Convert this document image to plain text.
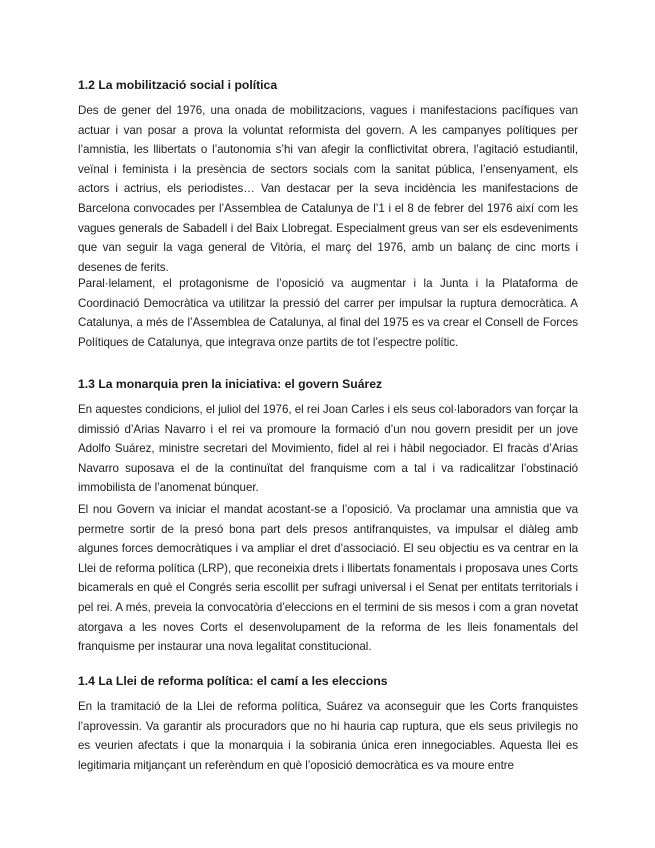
1.2 La mobilització social i política

Des de gener del 1976, una onada de mobilitzacions, vagues i manifestacions pacífiques van actuar i van posar a prova la voluntat reformista del govern. A les campanyes polítiques per l’amnistia, les llibertats o l’autonomia s’hi van afegir la conflictivitat obrera, l’agitació estudiantil, veïnal i feminista i la presència de sectors socials com la sanitat pública, l’ensenyament, els actors i actrius, els periodistes… Van destacar per la seva incidència les manifestacions de Barcelona convocades per l’Assemblea de Catalunya de l’1 i el 8 de febrer del 1976 així com les vagues generals de Sabadell i del Baix Llobregat. Especialment greus van ser els esdeveniments que van seguir la vaga general de Vitòria, el març del 1976, amb un balanç de cinc morts i desenes de ferits.

Paral·lelament, el protagonisme de l’oposició va augmentar i la Junta i la Plataforma de Coordinació Democràtica va utilitzar la pressió del carrer per impulsar la ruptura democràtica. A Catalunya, a més de l’Assemblea de Catalunya, al final del 1975 es va crear el Consell de Forces Polítiques de Catalunya, que integrava onze partits de tot l’espectre polític.

1.3 La monarquia pren la iniciativa: el govern Suárez

En aquestes condicions, el juliol del 1976, el rei Joan Carles i els seus col·laboradors van forçar la dimissió d’Arias Navarro i el rei va promoure la formació d’un nou govern presidit per un jove Adolfo Suárez, ministre secretari del Movimiento, fidel al rei i hàbil negociador. El fracàs d’Arias Navarro suposava el de la continuïtat del franquisme com a tal i va radicalitzar l’obstinació immobilista de l’anomenat búnquer.

El nou Govern va iniciar el mandat acostant-se a l’oposició. Va proclamar una amnistia que va permetre sortir de la presó bona part dels presos antifranquistes, va impulsar el diàleg amb algunes forces democràtiques i va ampliar el dret d’associació. El seu objectiu es va centrar en la Llei de reforma política (LRP), que reconeixia drets i llibertats fonamentals i proposava unes Corts bicamerals en què el Congrés seria escollit per sufragi universal i el Senat per entitats territorials i pel rei. A més, preveia la convocatòria d’eleccions en el termini de sis mesos i com a gran novetat atorgava a les noves Corts el desenvolupament de la reforma de les lleis fonamentals del franquisme per instaurar una nova legalitat constitucional.

1.4 La Llei de reforma política: el camí a les eleccions

En la tramitació de la Llei de reforma política, Suárez va aconseguir que les Corts franquistes l’aprovessin. Va garantir als procuradors que no hi hauria cap ruptura, que els seus privilegis no es veurien afectats i que la monarquia i la sobirania única eren innegociables. Aquesta llei es legitimaria mitjançant un referèndum en què l’oposició democràtica es va moure entre
